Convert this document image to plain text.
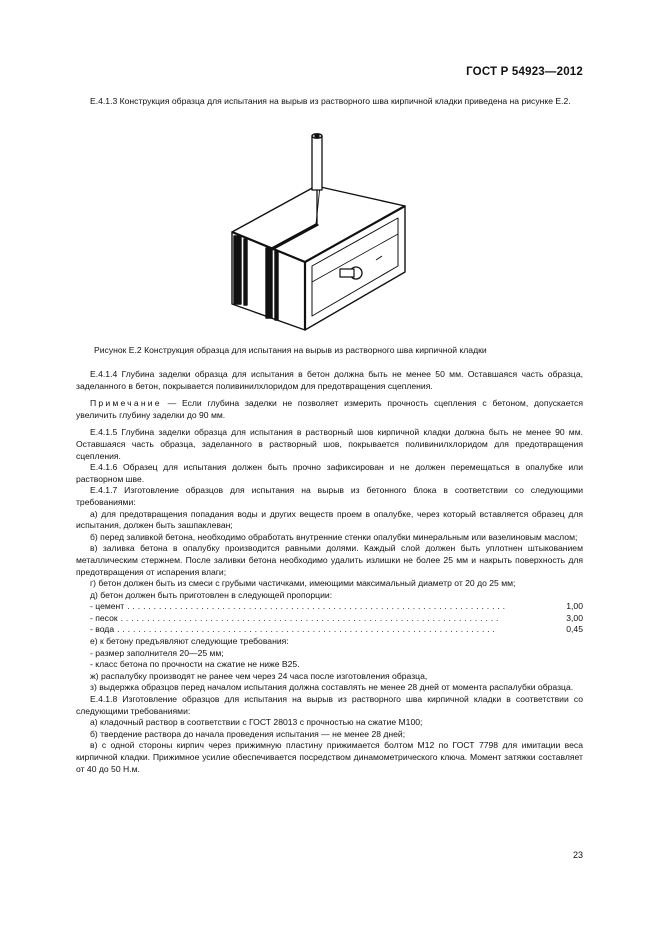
ГОСТ Р 54923—2012

Е.4.1.3 Конструкция образца для испытания на вырыв из растворного шва кирпичной кладки приведена на рисунке Е.2.

Рисунок Е.2 Конструкция образца для испытания на вырыв из растворного шва кирпичной кладки

Е.4.1.4 Глубина заделки образца для испытания в бетон должна быть не менее 50 мм. Оставшаяся часть образца, заделанного в бетон, покрывается поливинилхлоридом для предотвращения сцепления.

Примечание — Если глубина заделки не позволяет измерить прочность сцепления с бетоном, допускается увеличить глубину заделки до 90 мм.

Е.4.1.5 Глубина заделки образца для испытания в растворный шов кирпичной кладки должна быть не менее 90 мм. Оставшаяся часть образца, заделанного в растворный шов, покрывается поливинилхлоридом для предотвращения сцепления.

Е.4.1.6 Образец для испытания должен быть прочно зафиксирован и не должен перемещаться в опалубке или растворном шве.

Е.4.1.7 Изготовление образцов для испытания на вырыв из бетонного блока в соответствии со следующими требованиями:

а) для предотвращения попадания воды и других веществ проем в опалубке, через который вставляется образец для испытания, должен быть зашпаклеван;

б) перед заливкой бетона, необходимо обработать внутренние стенки опалубки минеральным или вазелиновым маслом;

в) заливка бетона в опалубку производится равными долями. Каждый слой должен быть уплотнен штыкованием металлическим стержнем. После заливки бетона необходимо удалить излишки не более 25 мм и накрыть поверхность для предотвращения от испарения влаги;

г) бетон должен быть из смеси с грубыми частичками, имеющими максимальный диаметр от 20 до 25 мм;

д) бетон должен быть приготовлен в следующей пропорции:

- цемент ........................................................................	1,00

- песок ........................................................................	3,00

- вода ........................................................................	0,45

е) к бетону предъявляют следующие требования:

- размер заполнителя 20—25 мм;

- класс бетона по прочности на сжатие не ниже В25.

ж) распалубку производят не ранее чем через 24 часа после изготовления образца,

з) выдержка образцов перед началом испытания должна составлять не менее 28 дней от момента распалубки образца.

Е.4.1.8 Изготовление образцов для испытания на вырыв из растворного шва кирпичной кладки в соответствии со следующими требованиями:

а) кладочный раствор в соответствии с ГОСТ 28013 с прочностью на сжатие М100;

б) твердение раствора до начала проведения испытания — не менее 28 дней;

в) с одной стороны кирпич через прижимную пластину прижимается болтом М12 по ГОСТ 7798 для имитации веса кирпичной кладки. Прижимное усилие обеспечивается посредством динамометрического ключа. Момент затяжки составляет от 40 до 50 Н.м.

23
